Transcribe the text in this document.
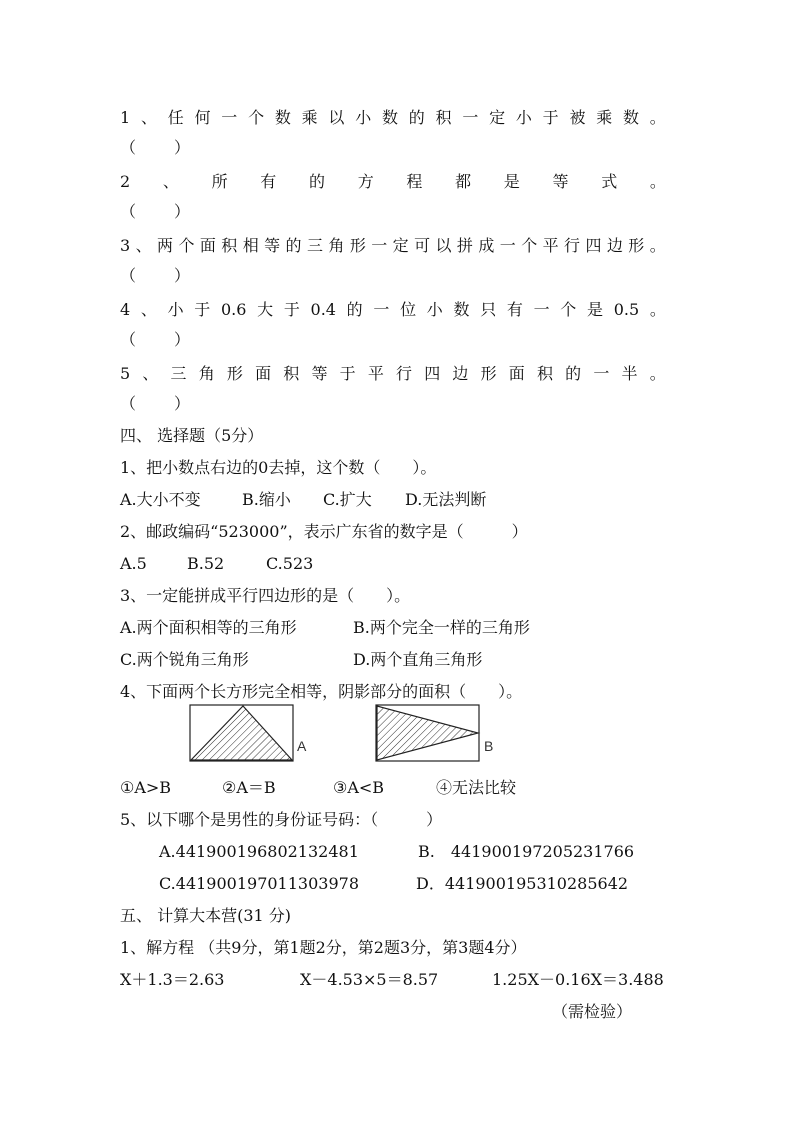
1 、 任 何 一 个 数 乘 以 小 数 的 积 一 定 小 于 被 乘 数 。
（　　）
2 、 所 有 的 方 程 都 是 等 式 。
（　　）
3 、 两 个 面 积 相 等 的 三 角 形 一 定 可 以 拼 成 一 个 平 行 四 边 形 。
（　　）
4 、 小 于 0.6 大 于 0.4 的 一 位 小 数 只 有 一 个 是 0.5 。
（　　）
5 、 三 角 形 面 积 等 于 平 行 四 边 形 面 积 的 一 半 。
（　　）
四、 选择题（5分）
1、把小数点右边的0去掉，这个数（　　）。
A.大小不变	B.缩小 C.扩大 D.无法判断
2、邮政编码“523000”，表示广东省的数字是（　　　）
A.5	B.52	C.523
3、一定能拼成平行四边形的是（　　）。
A.两个面积相等的三角形	B.两个完全一样的三角形
C.两个锐角三角形	D.两个直角三角形
4、下面两个长方形完全相等，阴影部分的面积（　　）。
A	B
①A>B	②A＝B	③A<B	④无法比较
5、以下哪个是男性的身份证号码：（　　　）
A.441900196802132481	B.　441900197205231766
C.441900197011303978	D．441900195310285642
五、 计算大本营(31 分)
1、解方程 （共9分，第1题2分，第2题3分，第3题4分）
X＋1.3＝2.63	X－4.53×5＝8.57	1.25X－0.16X＝3.488
（需检验）
